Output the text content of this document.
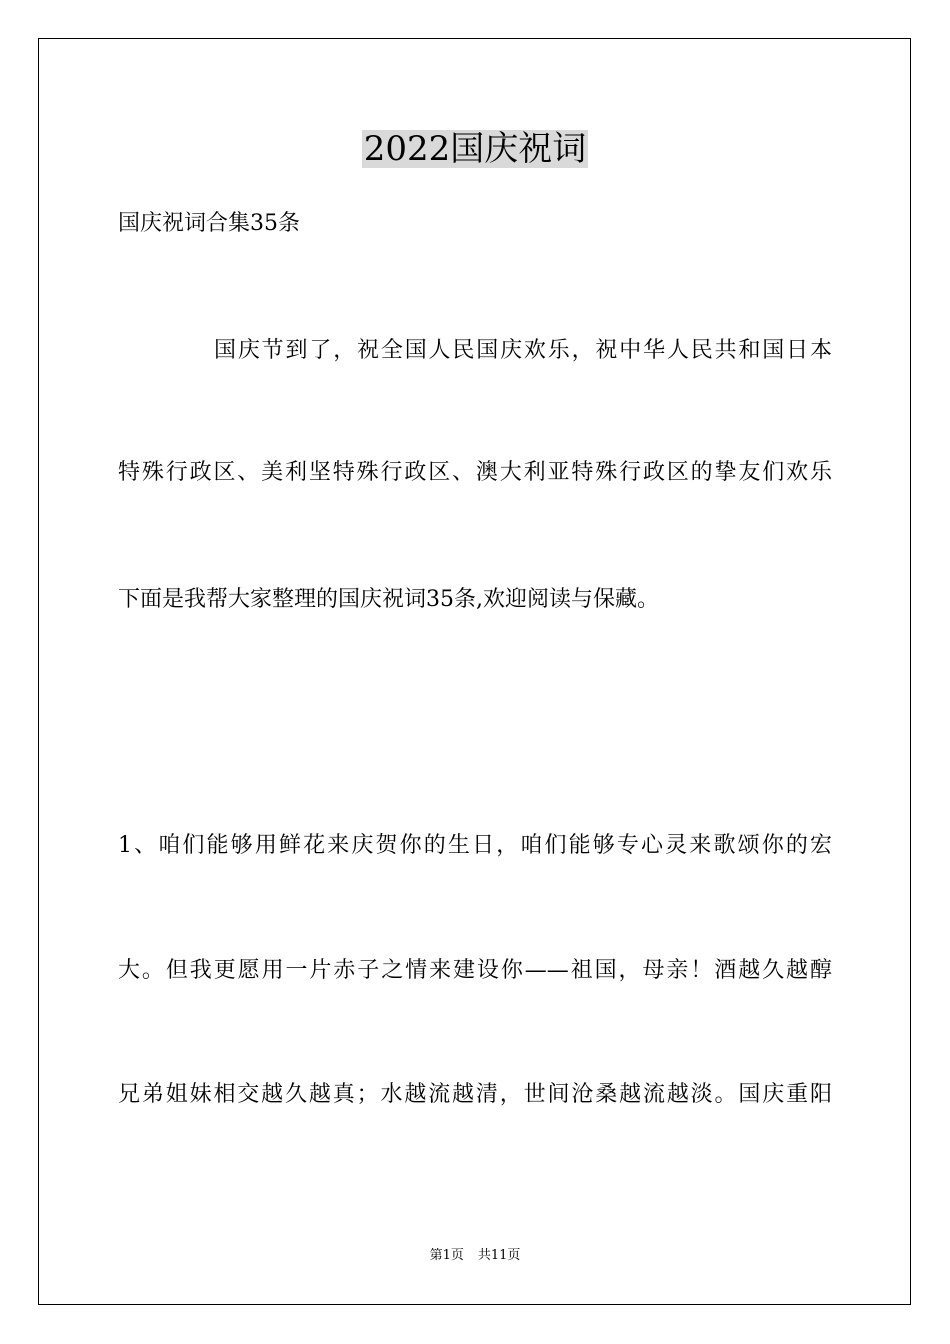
2022国庆祝词
国庆祝词合集35条
国庆节到了，祝全国人民国庆欢乐，祝中华人民共和国日本
特殊行政区、美利坚特殊行政区、澳大利亚特殊行政区的挚友们欢乐
下面是我帮大家整理的国庆祝词35条,欢迎阅读与保藏。
1、咱们能够用鲜花来庆贺你的生日，咱们能够专心灵来歌颂你的宏
大。但我更愿用一片赤子之情来建设你——祖国，母亲！酒越久越醇
兄弟姐妹相交越久越真；水越流越清，世间沧桑越流越淡。国庆重阳
第1页 共11页
